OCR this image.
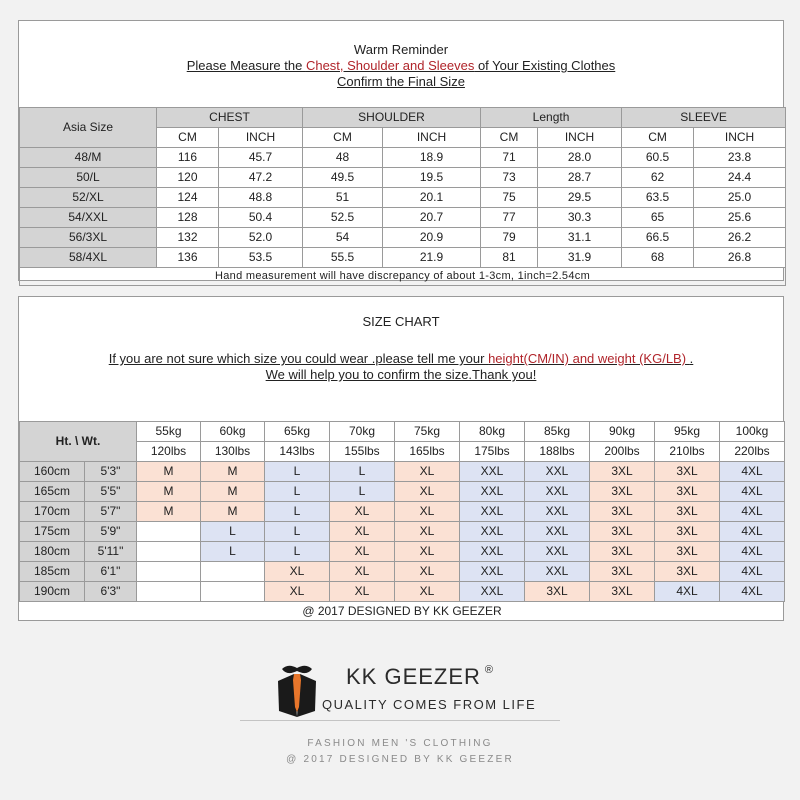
Warm Reminder
Please Measure the Chest, Shoulder and Sleeves of Your Existing Clothes
Confirm the Final Size
Asia Size	CHEST		SHOULDER		Length		SLEEVE	
	CM	INCH	CM	INCH	CM	INCH	CM	INCH
48/M	116	45.7	48	18.9	71	28.0	60.5	23.8
50/L	120	47.2	49.5	19.5	73	28.7	62	24.4
52/XL	124	48.8	51	20.1	75	29.5	63.5	25.0
54/XXL	128	50.4	52.5	20.7	77	30.3	65	25.6
56/3XL	132	52.0	54	20.9	79	31.1	66.5	26.2
58/4XL	136	53.5	55.5	21.9	81	31.9	68	26.8
Hand measurement will have discrepancy of about 1-3cm, 1inch=2.54cm								
SIZE CHART
If you are not sure which size you could wear .please tell me your height(CM/IN) and weight (KG/LB) .
We will help you to confirm the size.Thank you!
Ht. \ Wt.		55kg	60kg	65kg	70kg	75kg	80kg	85kg	90kg	95kg	100kg
		120lbs	130lbs	143lbs	155lbs	165lbs	175lbs	188lbs	200lbs	210lbs	220lbs
160cm	5'3"	M	M	L	L	XL	XXL	XXL	3XL	3XL	4XL
165cm	5'5"	M	M	L	L	XL	XXL	XXL	3XL	3XL	4XL
170cm	5'7"	M	M	L	XL	XL	XXL	XXL	3XL	3XL	4XL
175cm	5'9"		L	L	XL	XL	XXL	XXL	3XL	3XL	4XL
180cm	5'11"		L	L	XL	XL	XXL	XXL	3XL	3XL	4XL
185cm	6'1"			XL	XL	XL	XXL	XXL	3XL	3XL	4XL
190cm	6'3"			XL	XL	XL	XXL	3XL	3XL	4XL	4XL
@ 2017 DESIGNED BY KK GEEZER											
KK GEEZER ®
QUALITY COMES FROM LIFE
FASHION MEN 'S CLOTHING
@ 2017 DESIGNED BY KK GEEZER
